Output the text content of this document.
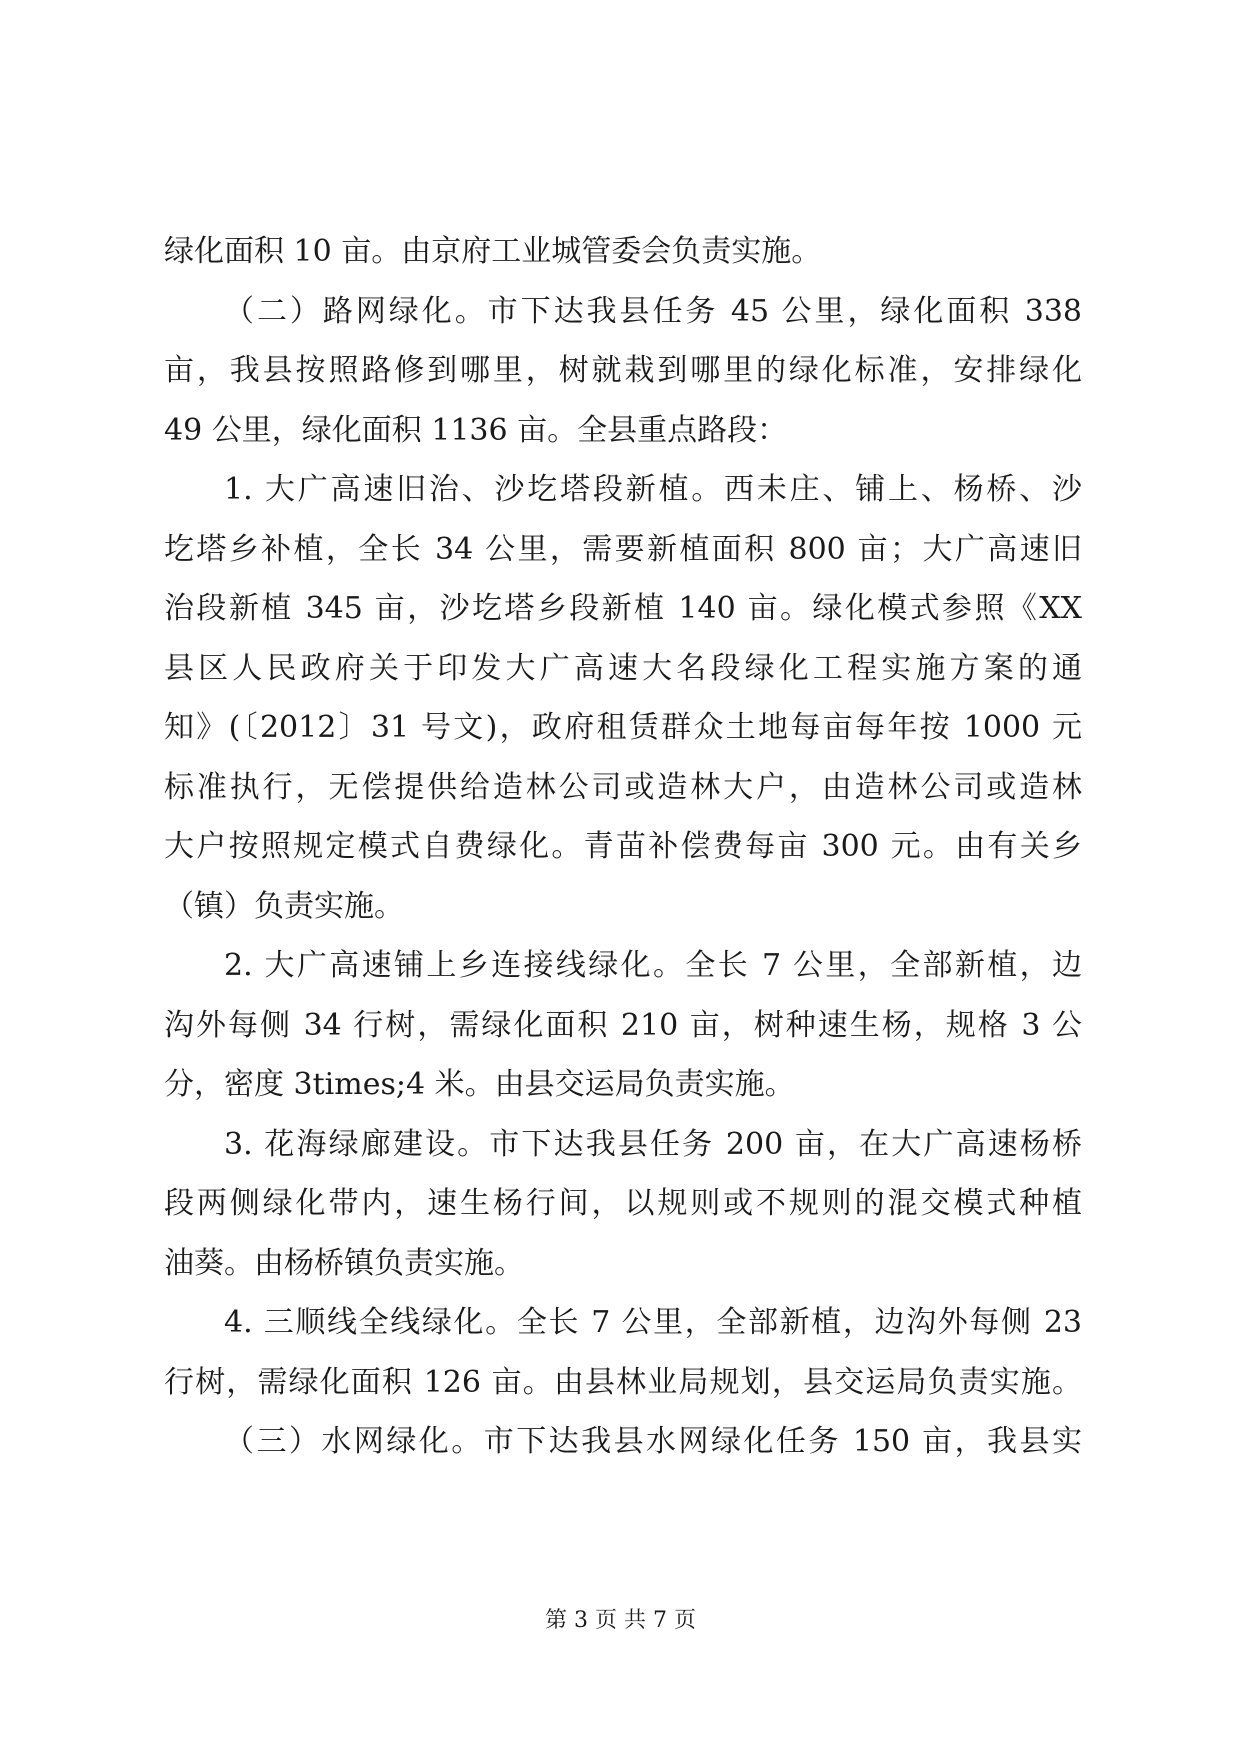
绿化面积 10 亩。由京府工业城管委会负责实施。
（二）路网绿化。市下达我县任务 45 公里，绿化面积 338
亩，我县按照路修到哪里，树就栽到哪里的绿化标准，安排绿化
49 公里，绿化面积 1136 亩。全县重点路段：
1. 大广高速旧治、沙圪塔段新植。西未庄、铺上、杨桥、沙
圪塔乡补植，全长 34 公里，需要新植面积 800 亩；大广高速旧
治段新植 345 亩，沙圪塔乡段新植 140 亩。绿化模式参照《XX
县区人民政府关于印发大广高速大名段绿化工程实施方案的通
知》(〔2012〕31 号文)，政府租赁群众土地每亩每年按 1000 元
标准执行，无偿提供给造林公司或造林大户，由造林公司或造林
大户按照规定模式自费绿化。青苗补偿费每亩 300 元。由有关乡
（镇）负责实施。
2. 大广高速铺上乡连接线绿化。全长 7 公里，全部新植，边
沟外每侧 34 行树，需绿化面积 210 亩，树种速生杨，规格 3 公
分，密度 3times;4 米。由县交运局负责实施。
3. 花海绿廊建设。市下达我县任务 200 亩，在大广高速杨桥
段两侧绿化带内，速生杨行间，以规则或不规则的混交模式种植
油葵。由杨桥镇负责实施。
4. 三顺线全线绿化。全长 7 公里，全部新植，边沟外每侧 23
行树，需绿化面积 126 亩。由县林业局规划，县交运局负责实施。
（三）水网绿化。市下达我县水网绿化任务 150 亩，我县实
第 3 页 共 7 页
